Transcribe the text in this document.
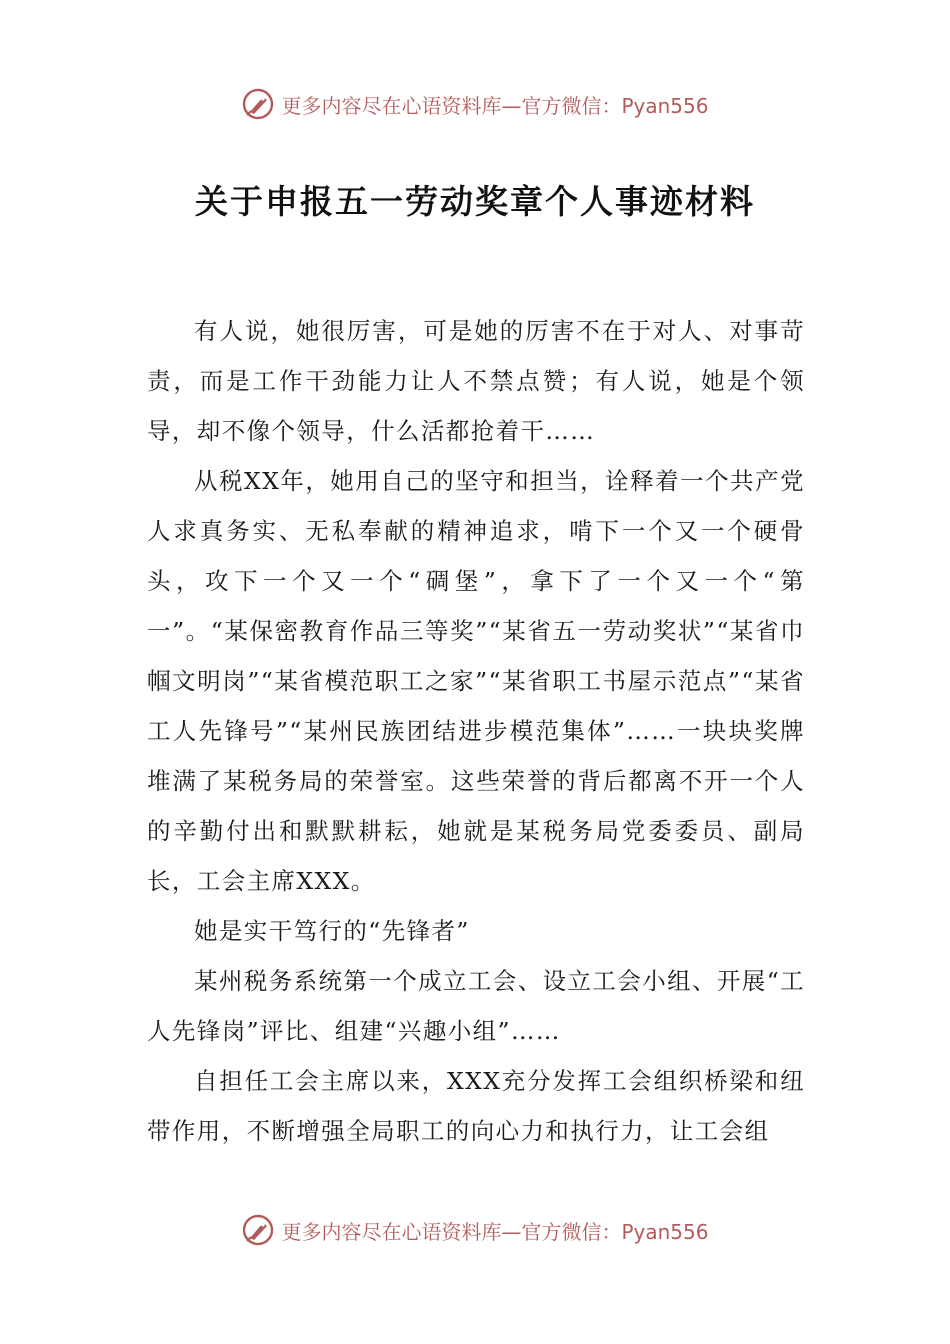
更多内容尽在心语资料库—官方微信：Pyan556
关于申报五一劳动奖章个人事迹材料

有人说，她很厉害，可是她的厉害不在于对人、对事苛责，而是工作干劲能力让人不禁点赞；有人说，她是个领导，却不像个领导，什么活都抢着干……

从税XX年，她用自己的坚守和担当，诠释着一个共产党人求真务实、无私奉献的精神追求，啃下一个又一个硬骨头，攻下一个又一个“碉堡”，拿下了一个又一个“第一”。“某保密教育作品三等奖”“某省五一劳动奖状”“某省巾帼文明岗”“某省模范职工之家”“某省职工书屋示范点”“某省工人先锋号”“某州民族团结进步模范集体”……一块块奖牌堆满了某税务局的荣誉室。这些荣誉的背后都离不开一个人的辛勤付出和默默耕耘，她就是某税务局党委委员、副局长，工会主席XXX。

她是实干笃行的“先锋者”

某州税务系统第一个成立工会、设立工会小组、开展“工人先锋岗”评比、组建“兴趣小组”……

自担任工会主席以来，XXX充分发挥工会组织桥梁和纽带作用，不断增强全局职工的向心力和执行力，让工会组

更多内容尽在心语资料库—官方微信：Pyan556
